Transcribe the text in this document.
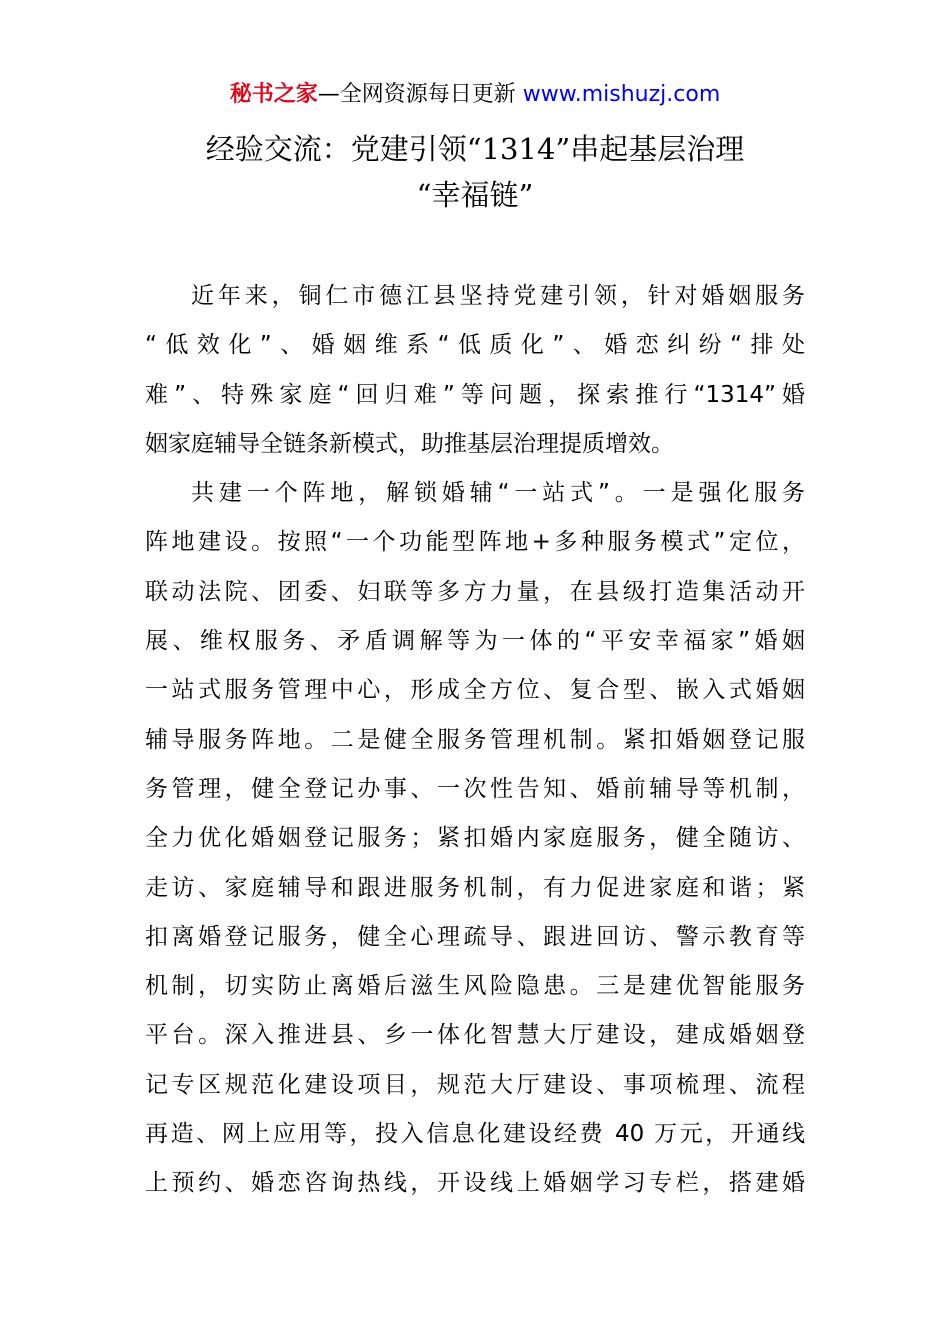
秘书之家—全网资源每日更新 www.mishuzj.com
经验交流：党建引领“1314”串起基层治理
“幸福链”
近年来，铜仁市德江县坚持党建引领，针对婚姻服务
“低效化”、婚姻维系“低质化”、婚恋纠纷“排处
难”、特殊家庭“回归难”等问题，探索推行“1314”婚
姻家庭辅导全链条新模式，助推基层治理提质增效。
共建一个阵地，解锁婚辅“一站式”。一是强化服务
阵地建设。按照“一个功能型阵地+多种服务模式”定位，
联动法院、团委、妇联等多方力量，在县级打造集活动开
展、维权服务、矛盾调解等为一体的“平安幸福家”婚姻
一站式服务管理中心，形成全方位、复合型、嵌入式婚姻
辅导服务阵地。二是健全服务管理机制。紧扣婚姻登记服
务管理，健全登记办事、一次性告知、婚前辅导等机制，
全力优化婚姻登记服务；紧扣婚内家庭服务，健全随访、
走访、家庭辅导和跟进服务机制，有力促进家庭和谐；紧
扣离婚登记服务，健全心理疏导、跟进回访、警示教育等
机制，切实防止离婚后滋生风险隐患。三是建优智能服务
平台。深入推进县、乡一体化智慧大厅建设，建成婚姻登
记专区规范化建设项目，规范大厅建设、事项梳理、流程
再造、网上应用等，投入信息化建设经费 40 万元，开通线
上预约、婚恋咨询热线，开设线上婚姻学习专栏，搭建婚
